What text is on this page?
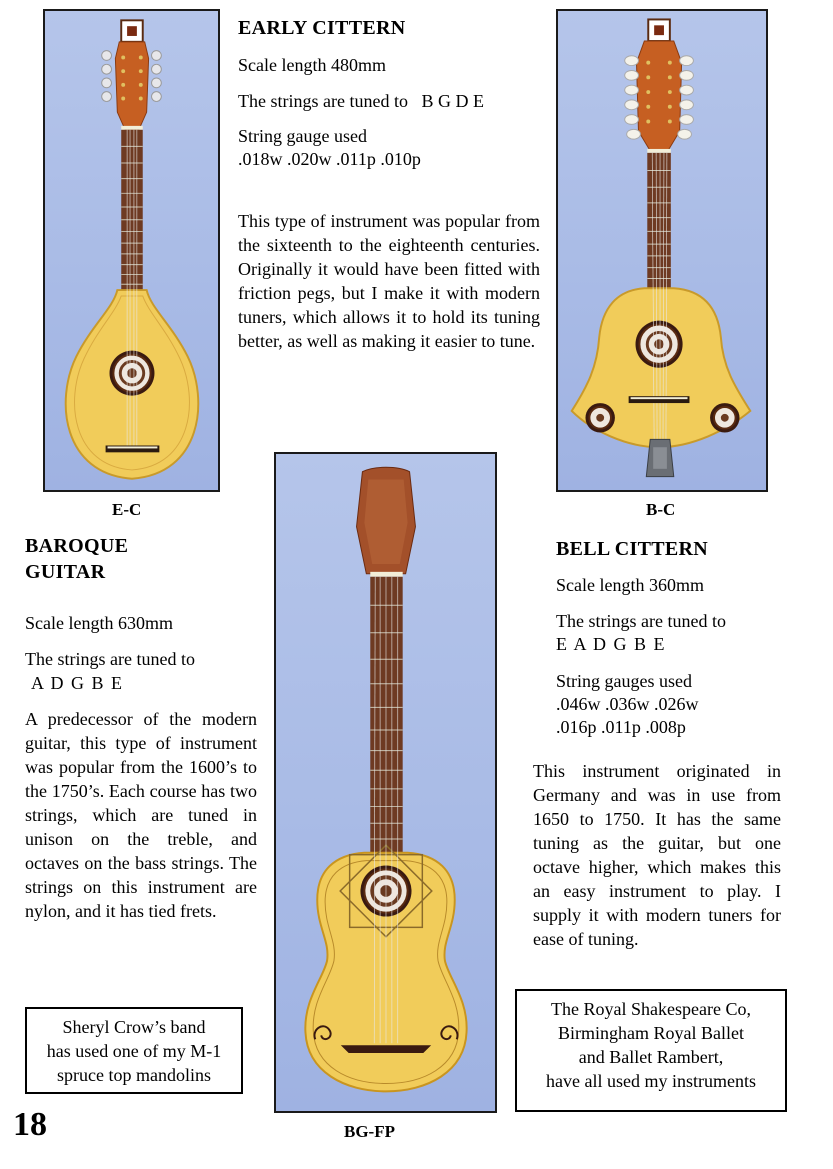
E-C	B-C
BG-FP
EARLY CITTERN
Scale length 480mm
The strings are tuned to   B G D E
String gauge used
.018w .020w .011p .010p
This type of instrument was popular from the sixteenth to the eighteenth centuries. Originally it would have been fitted with friction pegs, but I make it with modern tuners, which allows it to hold its tuning better, as well as making it easier to tune.
BELL CITTERN
Scale length 360mm
The strings are tuned to
E A D G B E
String gauges used
.046w .036w .026w
.016p .011p .008p
This instrument originated in Germany and was in use from 1650 to 1750. It has the same tuning as the guitar, but one octave higher, which makes this an easy instrument to play. I supply it with modern tuners for ease of tuning.
BAROQUE
GUITAR
Scale length 630mm
The strings are tuned to
A D G B E
A predecessor of the modern guitar, this type of instrument was popular from the 1600’s to the 1750’s. Each course has two strings, which are tuned in unison on the treble, and octaves on the bass strings. The strings on this instrument are nylon, and it has tied frets.
Sheryl Crow’s band
has used one of my M-1
spruce top mandolins
The Royal Shakespeare Co,
Birmingham Royal Ballet
and Ballet Rambert,
have all used my instruments
18
